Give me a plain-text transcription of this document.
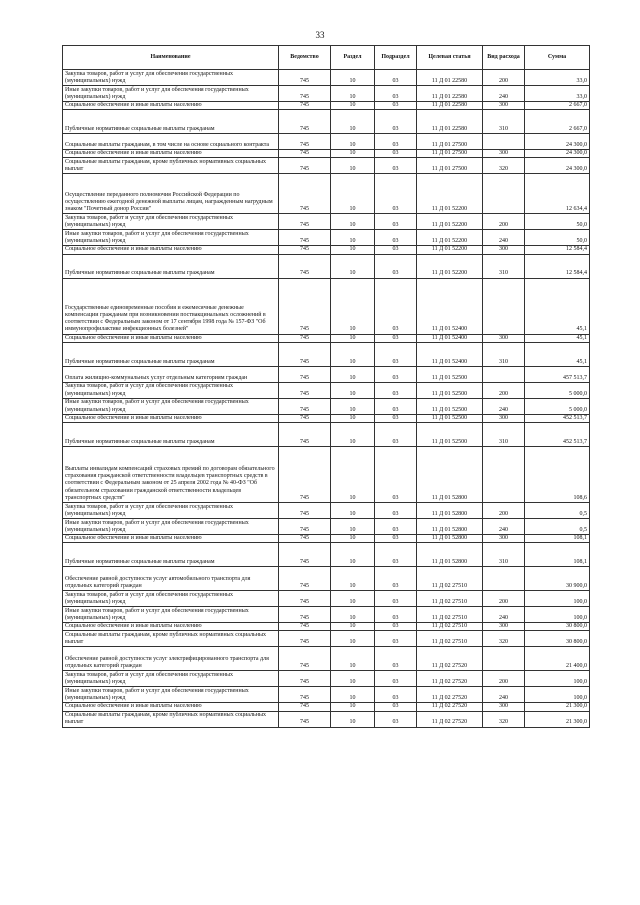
33
Наименование	Ведомство	Раздел	Подраздел	Целевая статья	Вид расхода	Сумма
Закупка товаров, работ и услуг для обеспечения государственных (муниципальных) нужд	745	10	03	11 Д 01 22580	200	33,0
Иные закупки товаров, работ и услуг для обеспечения государственных (муниципальных) нужд	745	10	03	11 Д 01 22580	240	33,0
Социальное обеспечение и иные выплаты населению	745	10	03	11 Д 01 22580	300	2 667,0
Публичные нормативные социальные выплаты гражданам	745	10	03	11 Д 01 22580	310	2 667,0
Социальные выплаты гражданам, в том числе на основе социального контракта	745	10	03	11 Д 01 27500		24 300,0
Социальное обеспечение и иные выплаты населению	745	10	03	11 Д 01 27500	300	24 300,0
Социальные выплаты гражданам, кроме публичных нормативных социальных выплат	745	10	03	11 Д 01 27500	320	24 300,0
Осуществление переданного полномочия Российской Федерации по осуществлению ежегодной денежной выплаты лицам, награжденным нагрудным знаком "Почетный донор России"	745	10	03	11 Д 01 52200		12 634,4
Закупка товаров, работ и услуг для обеспечения государственных (муниципальных) нужд	745	10	03	11 Д 01 52200	200	50,0
Иные закупки товаров, работ и услуг для обеспечения государственных (муниципальных) нужд	745	10	03	11 Д 01 52200	240	50,0
Социальное обеспечение и иные выплаты населению	745	10	03	11 Д 01 52200	300	12 584,4
Публичные нормативные социальные выплаты гражданам	745	10	03	11 Д 01 52200	310	12 584,4
Государственные единовременные пособия и ежемесячные денежные компенсации гражданам при возникновении поствакцинальных осложнений в соответствии с Федеральным законом от 17 сентября 1998 года № 157-ФЗ "Об иммунопрофилактике инфекционных болезней"	745	10	03	11 Д 01 52400		45,1
Социальное обеспечение и иные выплаты населению	745	10	03	11 Д 01 52400	300	45,1
Публичные нормативные социальные выплаты гражданам	745	10	03	11 Д 01 52400	310	45,1
Оплата жилищно-коммунальных услуг отдельным категориям граждан	745	10	03	11 Д 01 52500		457 513,7
Закупка товаров, работ и услуг для обеспечения государственных (муниципальных) нужд	745	10	03	11 Д 01 52500	200	5 000,0
Иные закупки товаров, работ и услуг для обеспечения государственных (муниципальных) нужд	745	10	03	11 Д 01 52500	240	5 000,0
Социальное обеспечение и иные выплаты населению	745	10	03	11 Д 01 52500	300	452 513,7
Публичные нормативные социальные выплаты гражданам	745	10	03	11 Д 01 52500	310	452 513,7
Выплаты инвалидам компенсаций страховых премий по договорам обязательного страхования гражданской ответственности владельцев транспортных средств в соответствии с Федеральным законом от 25 апреля 2002 года № 40-ФЗ "Об обязательном страховании гражданской ответственности владельцев транспортных средств"	745	10	03	11 Д 01 52800		108,6
Закупка товаров, работ и услуг для обеспечения государственных (муниципальных) нужд	745	10	03	11 Д 01 52800	200	0,5
Иные закупки товаров, работ и услуг для обеспечения государственных (муниципальных) нужд	745	10	03	11 Д 01 52800	240	0,5
Социальное обеспечение и иные выплаты населению	745	10	03	11 Д 01 52800	300	108,1
Публичные нормативные социальные выплаты гражданам	745	10	03	11 Д 01 52800	310	108,1
Обеспечение равной доступности услуг автомобильного транспорта для отдельных категорий граждан	745	10	03	11 Д 02 27510		30 900,0
Закупка товаров, работ и услуг для обеспечения государственных (муниципальных) нужд	745	10	03	11 Д 02 27510	200	100,0
Иные закупки товаров, работ и услуг для обеспечения государственных (муниципальных) нужд	745	10	03	11 Д 02 27510	240	100,0
Социальное обеспечение и иные выплаты населению	745	10	03	11 Д 02 27510	300	30 800,0
Социальные выплаты гражданам, кроме публичных нормативных социальных выплат	745	10	03	11 Д 02 27510	320	30 800,0
Обеспечение равной доступности услуг электрифицированного транспорта для отдельных категорий граждан	745	10	03	11 Д 02 27520		21 400,0
Закупка товаров, работ и услуг для обеспечения государственных (муниципальных) нужд	745	10	03	11 Д 02 27520	200	100,0
Иные закупки товаров, работ и услуг для обеспечения государственных (муниципальных) нужд	745	10	03	11 Д 02 27520	240	100,0
Социальное обеспечение и иные выплаты населению	745	10	03	11 Д 02 27520	300	21 300,0
Социальные выплаты гражданам, кроме публичных нормативных социальных выплат	745	10	03	11 Д 02 27520	320	21 300,0
